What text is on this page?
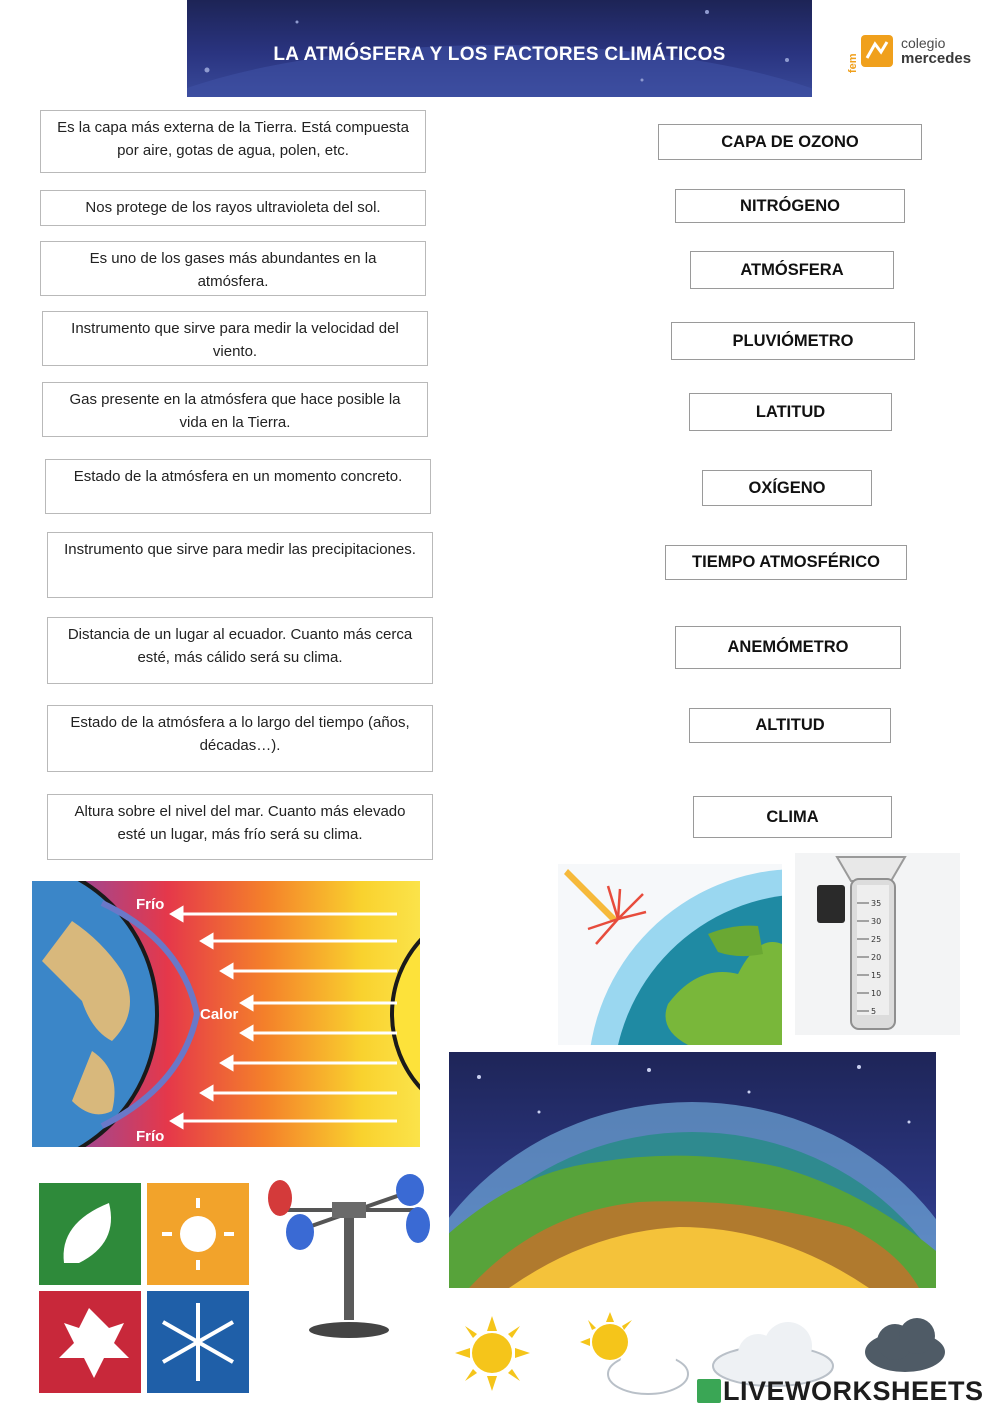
LA ATMÓSFERA Y LOS FACTORES CLIMÁTICOS	fem
colegio
mercedes
Es la capa más externa de la Tierra. Está compuesta por aire, gotas de agua, polen, etc.
Nos protege de los rayos ultravioleta del sol.
Es uno de los gases más abundantes en la atmósfera.
Instrumento que sirve para medir la velocidad del viento.
Gas presente en la atmósfera que hace posible la vida en la Tierra.
Estado de la atmósfera en un momento concreto.
Instrumento que sirve para medir las precipitaciones.
Distancia de un lugar al ecuador. Cuanto más cerca esté, más cálido será su clima.
Estado de la atmósfera a lo largo del tiempo (años, décadas…).
Altura sobre el nivel del mar. Cuanto más elevado esté un lugar, más frío será su clima.
CAPA DE OZONO
NITRÓGENO
ATMÓSFERA
PLUVIÓMETRO
LATITUD
OXÍGENO
TIEMPO ATMOSFÉRICO
ANEMÓMETRO
ALTITUD
CLIMA
Frío
Calor
Frío
35
30
25
20
15
10
5
LIVEWORKSHEETS
